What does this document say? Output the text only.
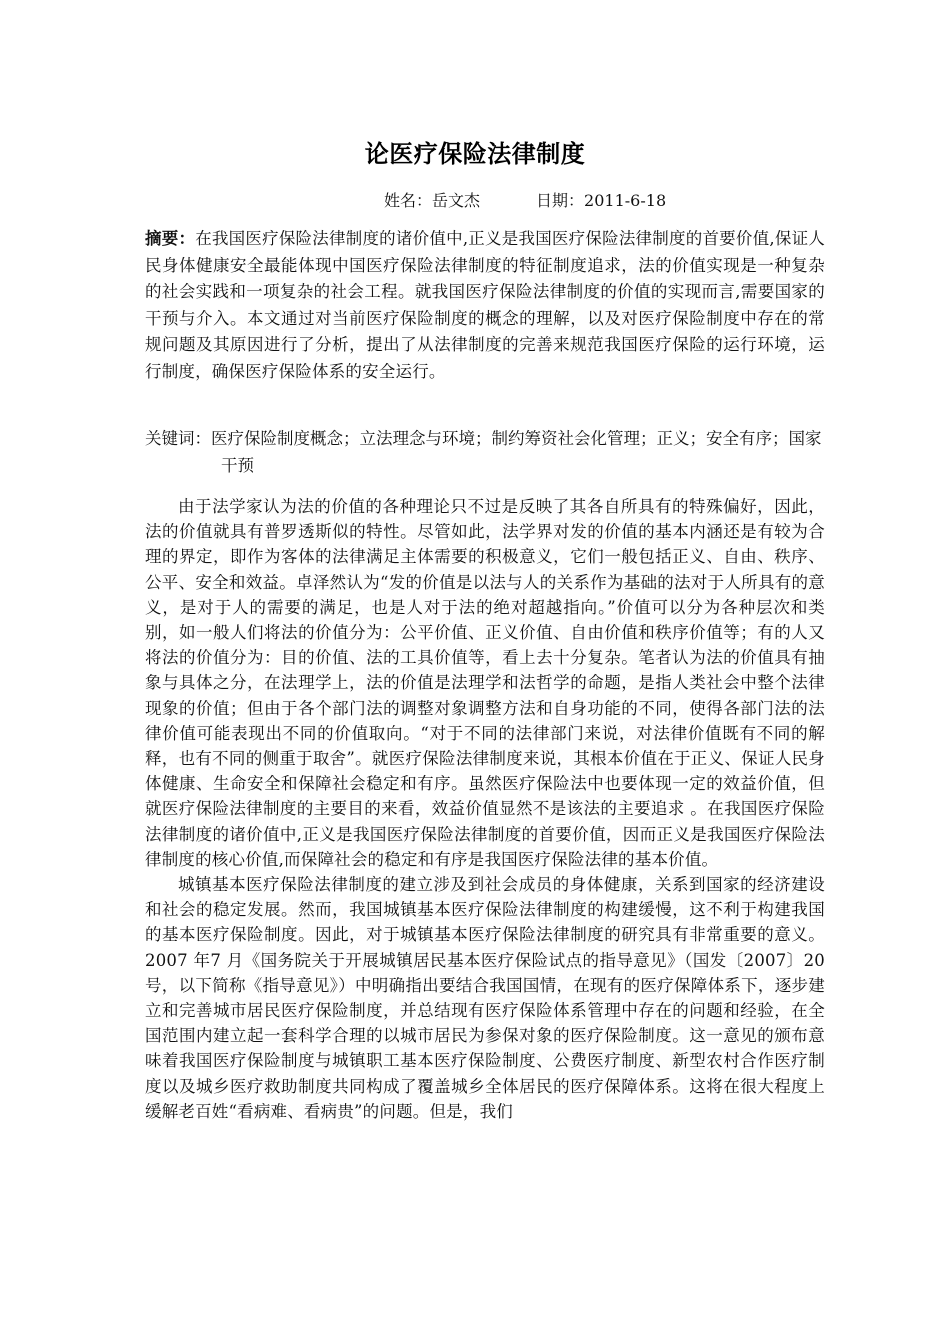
论医疗保险法律制度
姓名：岳文杰	日期：2011-6-18
摘要：在我国医疗保险法律制度的诸价值中,正义是我国医疗保险法律制度的首要价值,保证人民身体健康安全最能体现中国医疗保险法律制度的特征制度追求，法的价值实现是一种复杂的社会实践和一项复杂的社会工程。就我国医疗保险法律制度的价值的实现而言,需要国家的干预与介入。本文通过对当前医疗保险制度的概念的理解，以及对医疗保险制度中存在的常规问题及其原因进行了分析，提出了从法律制度的完善来规范我国医疗保险的运行环境，运行制度，确保医疗保险体系的安全运行。
关键词：医疗保险制度概念；立法理念与环境；制约筹资社会化管理；正义；安全有序；国家干预

由于法学家认为法的价值的各种理论只不过是反映了其各自所具有的特殊偏好，因此，法的价值就具有普罗透斯似的特性。尽管如此，法学界对发的价值的基本内涵还是有较为合理的界定，即作为客体的法律满足主体需要的积极意义，它们一般包括正义、自由、秩序、公平、安全和效益。卓泽然认为“发的价值是以法与人的关系作为基础的法对于人所具有的意义，是对于人的需要的满足，也是人对于法的绝对超越指向。”价值可以分为各种层次和类别，如一般人们将法的价值分为：公平价值、正义价值、自由价值和秩序价值等；有的人又将法的价值分为：目的价值、法的工具价值等，看上去十分复杂。笔者认为法的价值具有抽象与具体之分，在法理学上，法的价值是法理学和法哲学的命题，是指人类社会中整个法律现象的价值；但由于各个部门法的调整对象调整方法和自身功能的不同，使得各部门法的法律价值可能表现出不同的价值取向。“对于不同的法律部门来说，对法律价值既有不同的解释，也有不同的侧重于取舍”。就医疗保险法律制度来说，其根本价值在于正义、保证人民身体健康、生命安全和保障社会稳定和有序。虽然医疗保险法中也要体现一定的效益价值，但就医疗保险法律制度的主要目的来看，效益价值显然不是该法的主要追求 。在我国医疗保险法律制度的诸价值中,正义是我国医疗保险法律制度的首要价值，因而正义是我国医疗保险法律制度的核心价值,而保障社会的稳定和有序是我国医疗保险法律的基本价值。

城镇基本医疗保险法律制度的建立涉及到社会成员的身体健康，关系到国家的经济建设和社会的稳定发展。然而，我国城镇基本医疗保险法律制度的构建缓慢，这不利于构建我国的基本医疗保险制度。因此，对于城镇基本医疗保险法律制度的研究具有非常重要的意义。2007 年7 月《国务院关于开展城镇居民基本医疗保险试点的指导意见》（国发〔2007〕20 号，以下简称《指导意见》）中明确指出要结合我国国情，在现有的医疗保障体系下，逐步建立和完善城市居民医疗保险制度，并总结现有医疗保险体系管理中存在的问题和经验，在全国范围内建立起一套科学合理的以城市居民为参保对象的医疗保险制度。这一意见的颁布意味着我国医疗保险制度与城镇职工基本医疗保险制度、公费医疗制度、新型农村合作医疗制度以及城乡医疗救助制度共同构成了覆盖城乡全体居民的医疗保障体系。这将在很大程度上缓解老百姓“看病难、看病贵”的问题。但是，我们
